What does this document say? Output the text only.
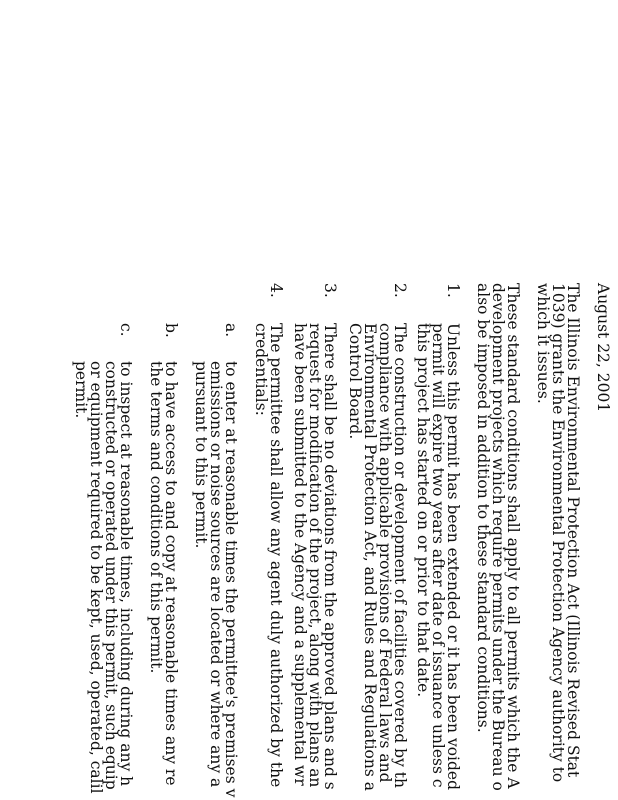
August 22, 2001
The Illinois Environmental Protection Act (Illinois Revised Stat
1039) grants the Environmental Protection Agency authority to
which it issues.
These standard conditions shall apply to all permits which the A
development projects which require permits under the Bureau o
also be imposed in addition to these standard conditions.
1.
Unless this permit has been extended or it has been voided
permit will expire two years after date of issuance unless c
this project has started on or prior to that date.
2.
The construction or development of facilities covered by th
compliance with applicable provisions of Federal laws and
Environmental Protection Act, and Rules and Regulations a
Control Board.
3.
There shall be no deviations from the approved plans and s
request for modification of the project, along with plans an
have been submitted to the Agency and a supplemental wr
4.
The permittee shall allow any agent duly authorized by the
credentials:
a.
to enter at reasonable times the permittee's premises v
emissions or noise sources are located or where any a
pursuant to this permit.
b.
to have access to and copy at reasonable times any re
the terms and conditions of this permit.
c.
to inspect at reasonable times, including during any h
constructed or operated under this permit, such equip
or equipment required to be kept, used, operated, calil
permit.
